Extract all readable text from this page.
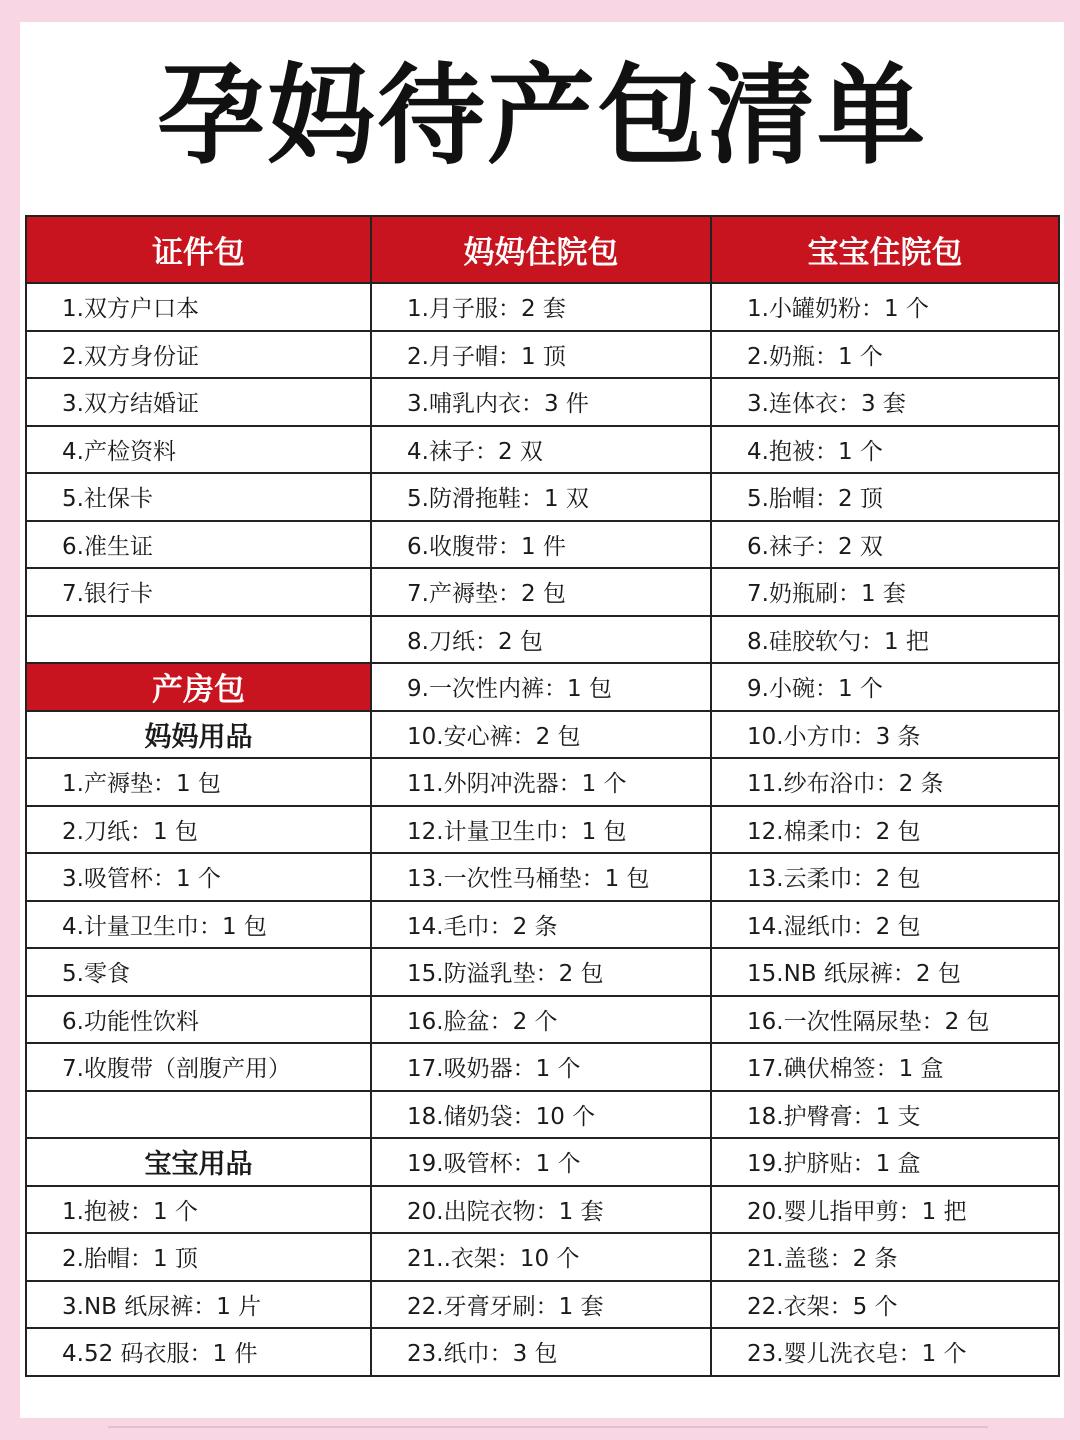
孕妈待产包清单
证件包	妈妈住院包	宝宝住院包
1.双方户口本	1.月子服：2 套	1.小罐奶粉：1 个
2.双方身份证	2.月子帽：1 顶	2.奶瓶：1 个
3.双方结婚证	3.哺乳内衣：3 件	3.连体衣：3 套
4.产检资料	4.袜子：2 双	4.抱被：1 个
5.社保卡	5.防滑拖鞋：1 双	5.胎帽：2 顶
6.准生证	6.收腹带：1 件	6.袜子：2 双
7.银行卡	7.产褥垫：2 包	7.奶瓶刷：1 套
	8.刀纸：2 包	8.硅胶软勺：1 把
产房包	9.一次性内裤：1 包	9.小碗：1 个
妈妈用品	10.安心裤：2 包	10.小方巾：3 条
1.产褥垫：1 包	11.外阴冲洗器：1 个	11.纱布浴巾：2 条
2.刀纸：1 包	12.计量卫生巾：1 包	12.棉柔巾：2 包
3.吸管杯：1 个	13.一次性马桶垫：1 包	13.云柔巾：2 包
4.计量卫生巾：1 包	14.毛巾：2 条	14.湿纸巾：2 包
5.零食	15.防溢乳垫：2 包	15.NB 纸尿裤：2 包
6.功能性饮料	16.脸盆：2 个	16.一次性隔尿垫：2 包
7.收腹带（剖腹产用）	17.吸奶器：1 个	17.碘伏棉签：1 盒
	18.储奶袋：10 个	18.护臀膏：1 支
宝宝用品	19.吸管杯：1 个	19.护脐贴：1 盒
1.抱被：1 个	20.出院衣物：1 套	20.婴儿指甲剪：1 把
2.胎帽：1 顶	21..衣架：10 个	21.盖毯：2 条
3.NB 纸尿裤：1 片	22.牙膏牙刷：1 套	22.衣架：5 个
4.52 码衣服：1 件	23.纸巾：3 包	23.婴儿洗衣皂：1 个
